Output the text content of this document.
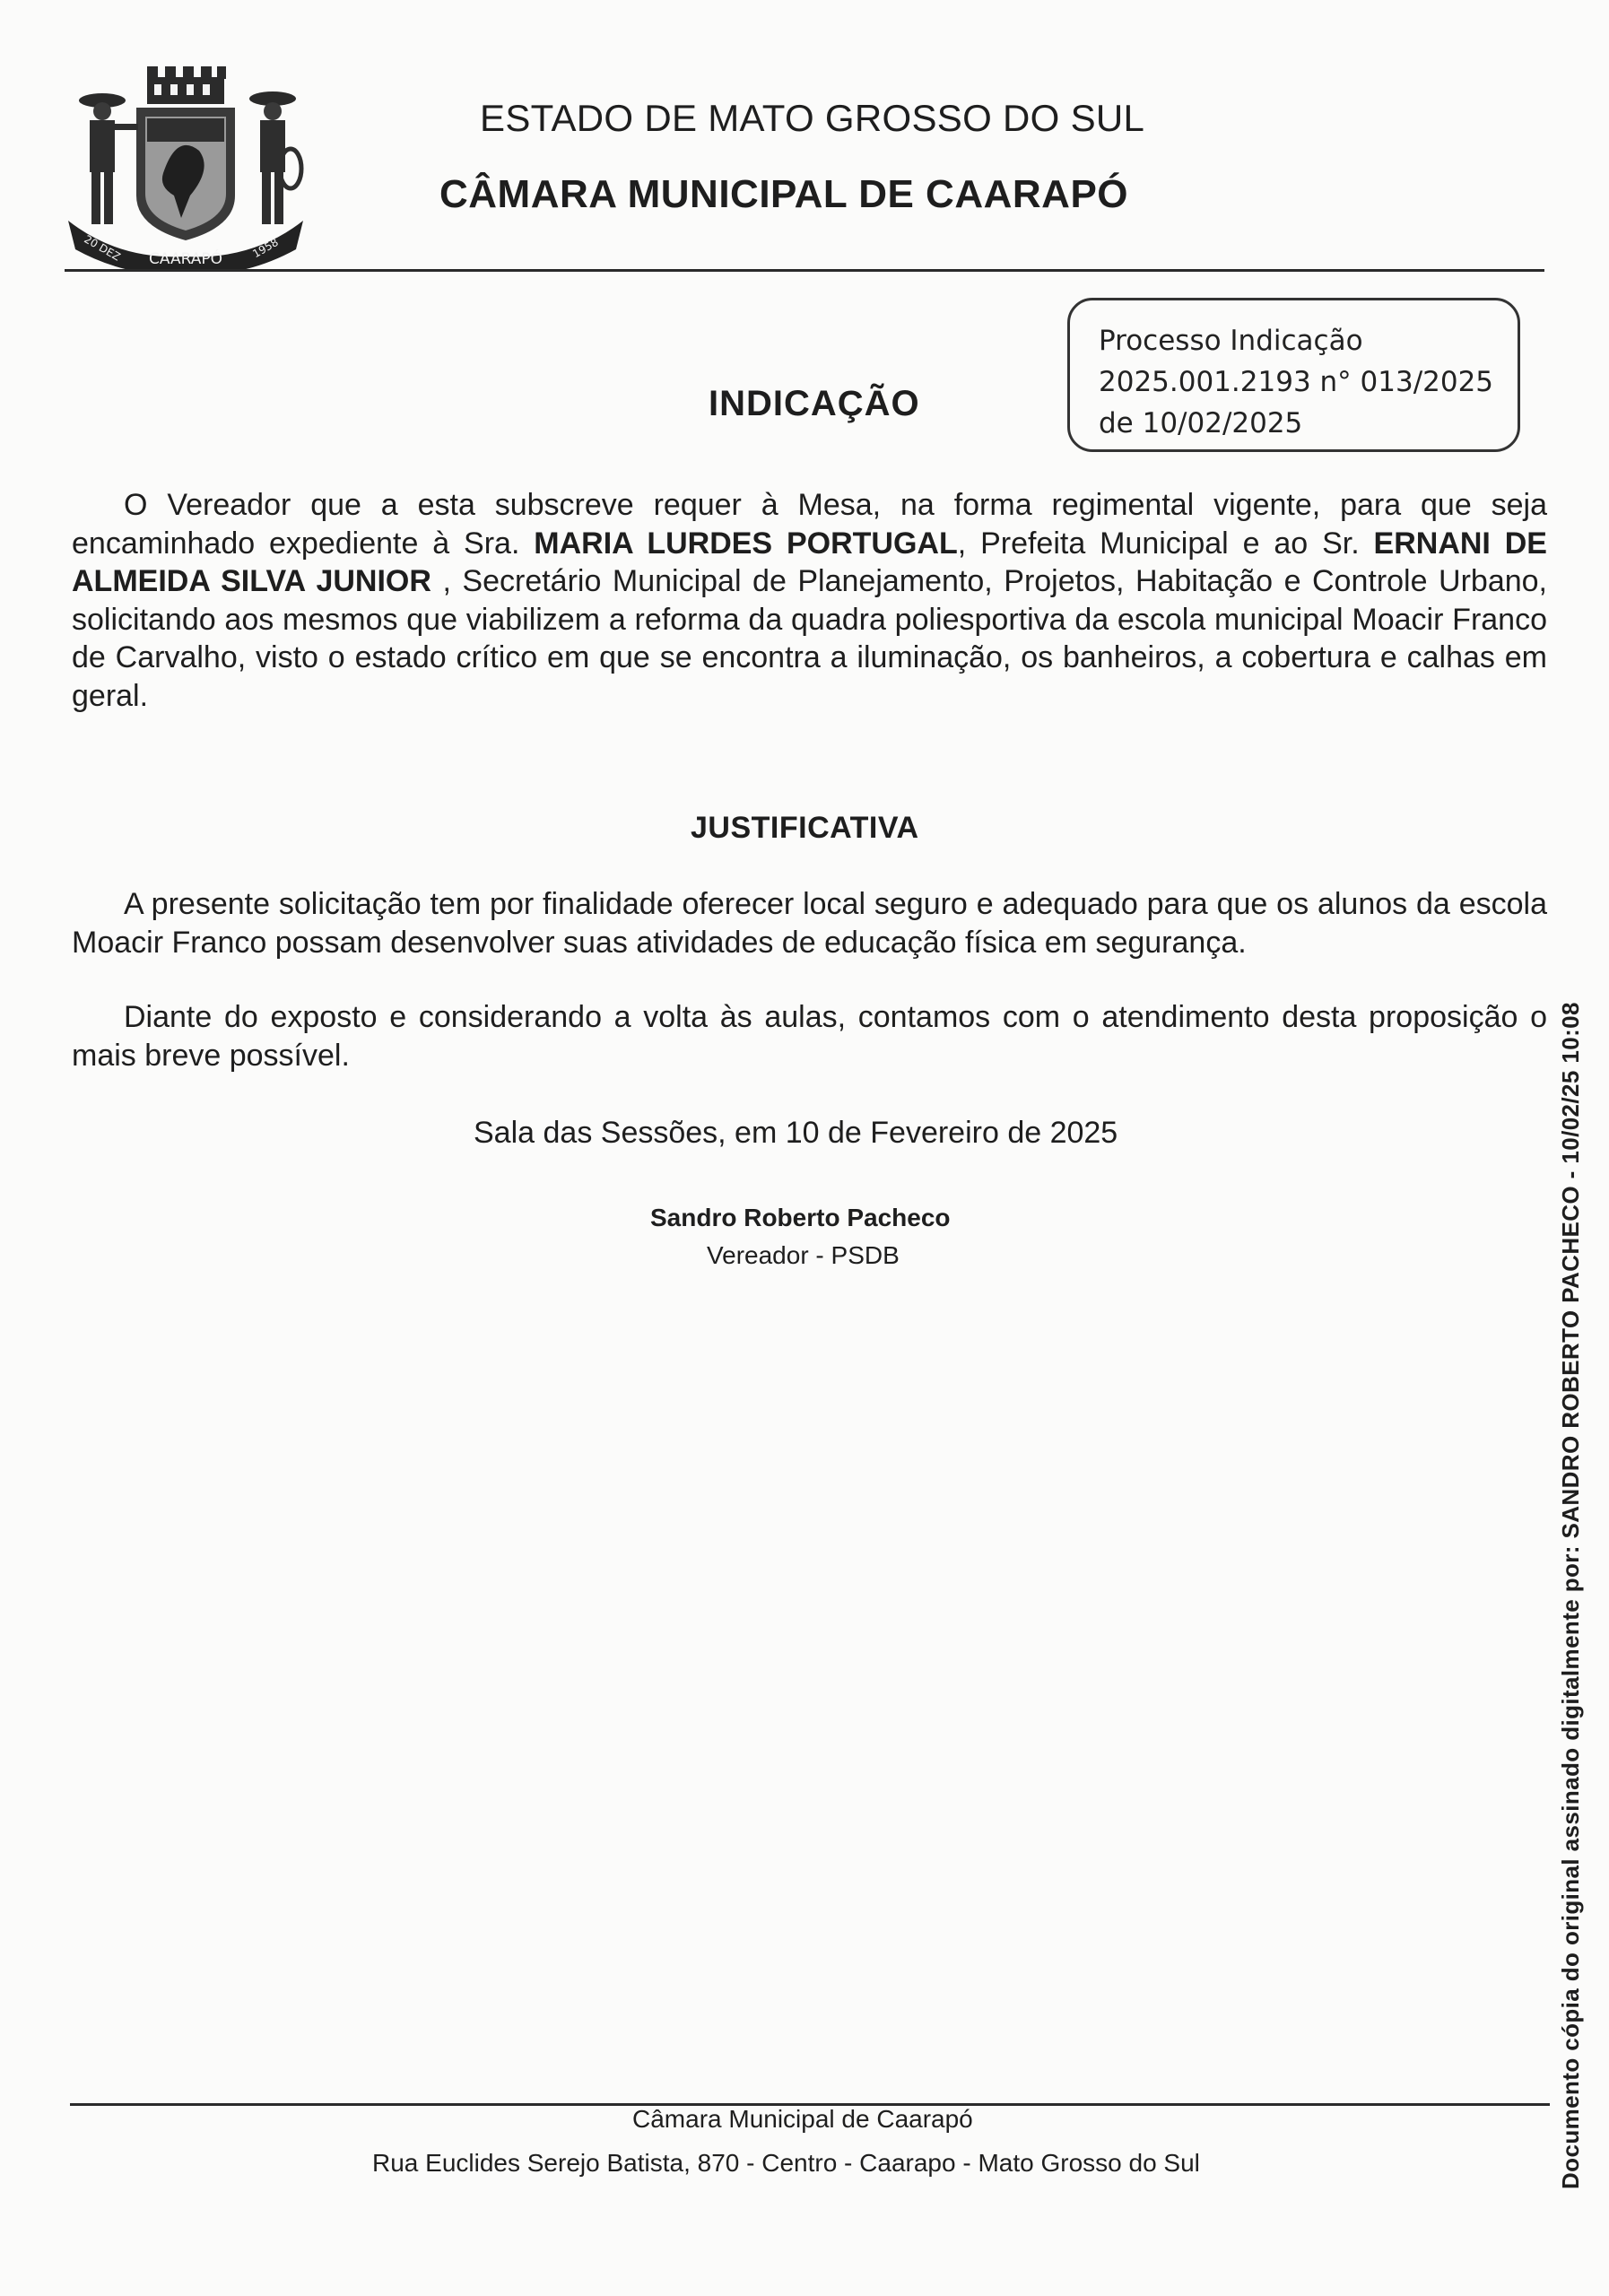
CAARAPÓ
20 DEZ	1958
ESTADO DE MATO GROSSO DO SUL
CÂMARA MUNICIPAL DE CAARAPÓ
Processo Indicação
2025.001.2193 n° 013/2025
de 10/02/2025
INDICAÇÃO
O Vereador que a esta subscreve requer à Mesa, na forma regimental vigente, para que seja encaminhado expediente à Sra. MARIA LURDES PORTUGAL, Prefeita Municipal e ao Sr. ERNANI DE ALMEIDA SILVA JUNIOR , Secretário Municipal de Planejamento, Projetos, Habitação e Controle Urbano, solicitando aos mesmos que viabilizem a reforma da quadra poliesportiva da escola municipal Moacir Franco de Carvalho, visto o estado crítico em que se encontra a iluminação, os banheiros, a cobertura e calhas em geral.
JUSTIFICATIVA
A presente solicitação tem por finalidade oferecer local seguro e adequado para que os alunos da escola Moacir Franco possam desenvolver suas atividades de educação física em segurança.
Diante do exposto e considerando a volta às aulas, contamos com o atendimento desta proposição o mais breve possível.
Sala das Sessões, em 10 de Fevereiro de 2025
Sandro Roberto Pacheco
Vereador - PSDB
Câmara Municipal de Caarapó
Rua Euclides Serejo Batista, 870 - Centro - Caarapo - Mato Grosso do Sul	Documento cópia do original assinado digitalmente por: SANDRO ROBERTO PACHECO - 10/02/25 10:08
